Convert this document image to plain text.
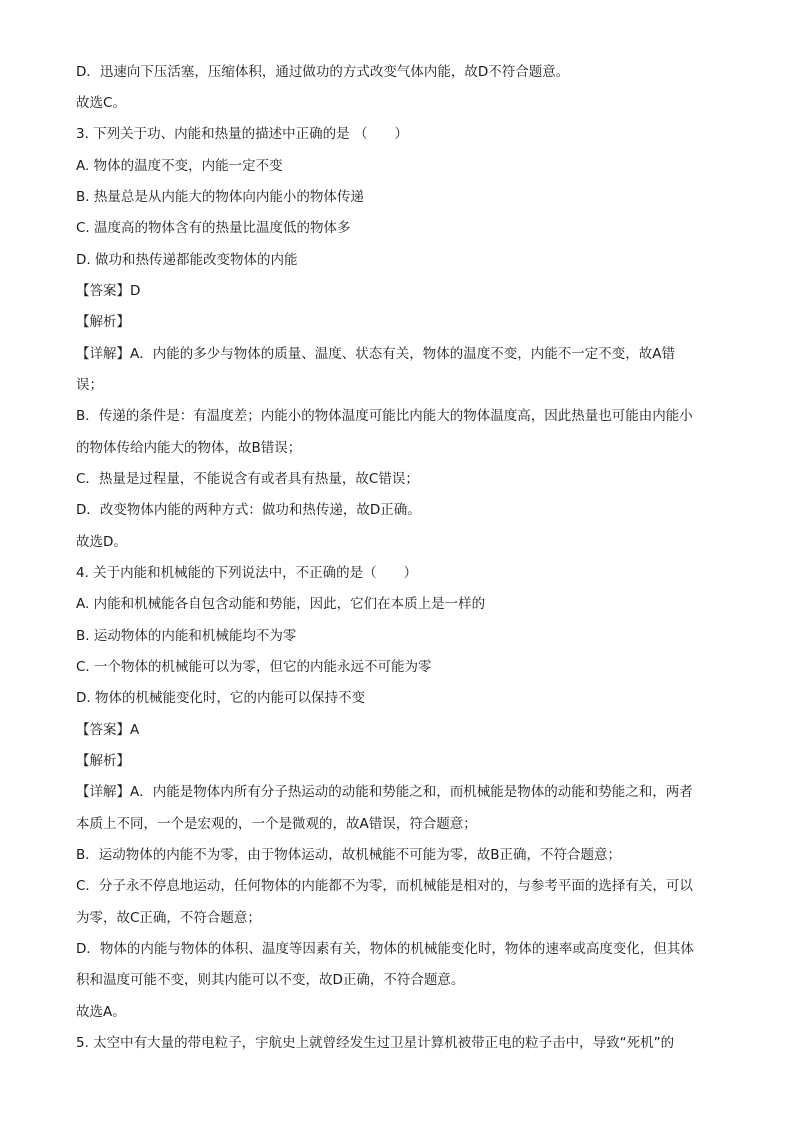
D．迅速向下压活塞，压缩体积，通过做功的方式改变气体内能，故D不符合题意。
故选C。
3. 下列关于功、内能和热量的描述中正确的是 （　　）
A. 物体的温度不变，内能一定不变
B. 热量总是从内能大的物体向内能小的物体传递
C. 温度高的物体含有的热量比温度低的物体多
D. 做功和热传递都能改变物体的内能
【答案】D
【解析】
【详解】A．内能的多少与物体的质量、温度、状态有关，物体的温度不变，内能不一定不变，故A错
误；
B．传递的条件是：有温度差；内能小的物体温度可能比内能大的物体温度高，因此热量也可能由内能小
的物体传给内能大的物体，故B错误；
C．热量是过程量，不能说含有或者具有热量，故C错误；
D．改变物体内能的两种方式：做功和热传递，故D正确。
故选D。
4. 关于内能和机械能的下列说法中，不正确的是（　　）
A. 内能和机械能各自包含动能和势能，因此，它们在本质上是一样的
B. 运动物体的内能和机械能均不为零
C. 一个物体的机械能可以为零，但它的内能永远不可能为零
D. 物体的机械能变化时，它的内能可以保持不变
【答案】A
【解析】
【详解】A．内能是物体内所有分子热运动的动能和势能之和，而机械能是物体的动能和势能之和，两者
本质上不同，一个是宏观的，一个是微观的，故A错误，符合题意；
B．运动物体的内能不为零，由于物体运动，故机械能不可能为零，故B正确，不符合题意；
C．分子永不停息地运动，任何物体的内能都不为零，而机械能是相对的，与参考平面的选择有关，可以
为零，故C正确，不符合题意；
D．物体的内能与物体的体积、温度等因素有关，物体的机械能变化时，物体的速率或高度变化，但其体
积和温度可能不变，则其内能可以不变，故D正确，不符合题意。
故选A。
5. 太空中有大量的带电粒子，宇航史上就曾经发生过卫星计算机被带正电的粒子击中，导致“死机”的
